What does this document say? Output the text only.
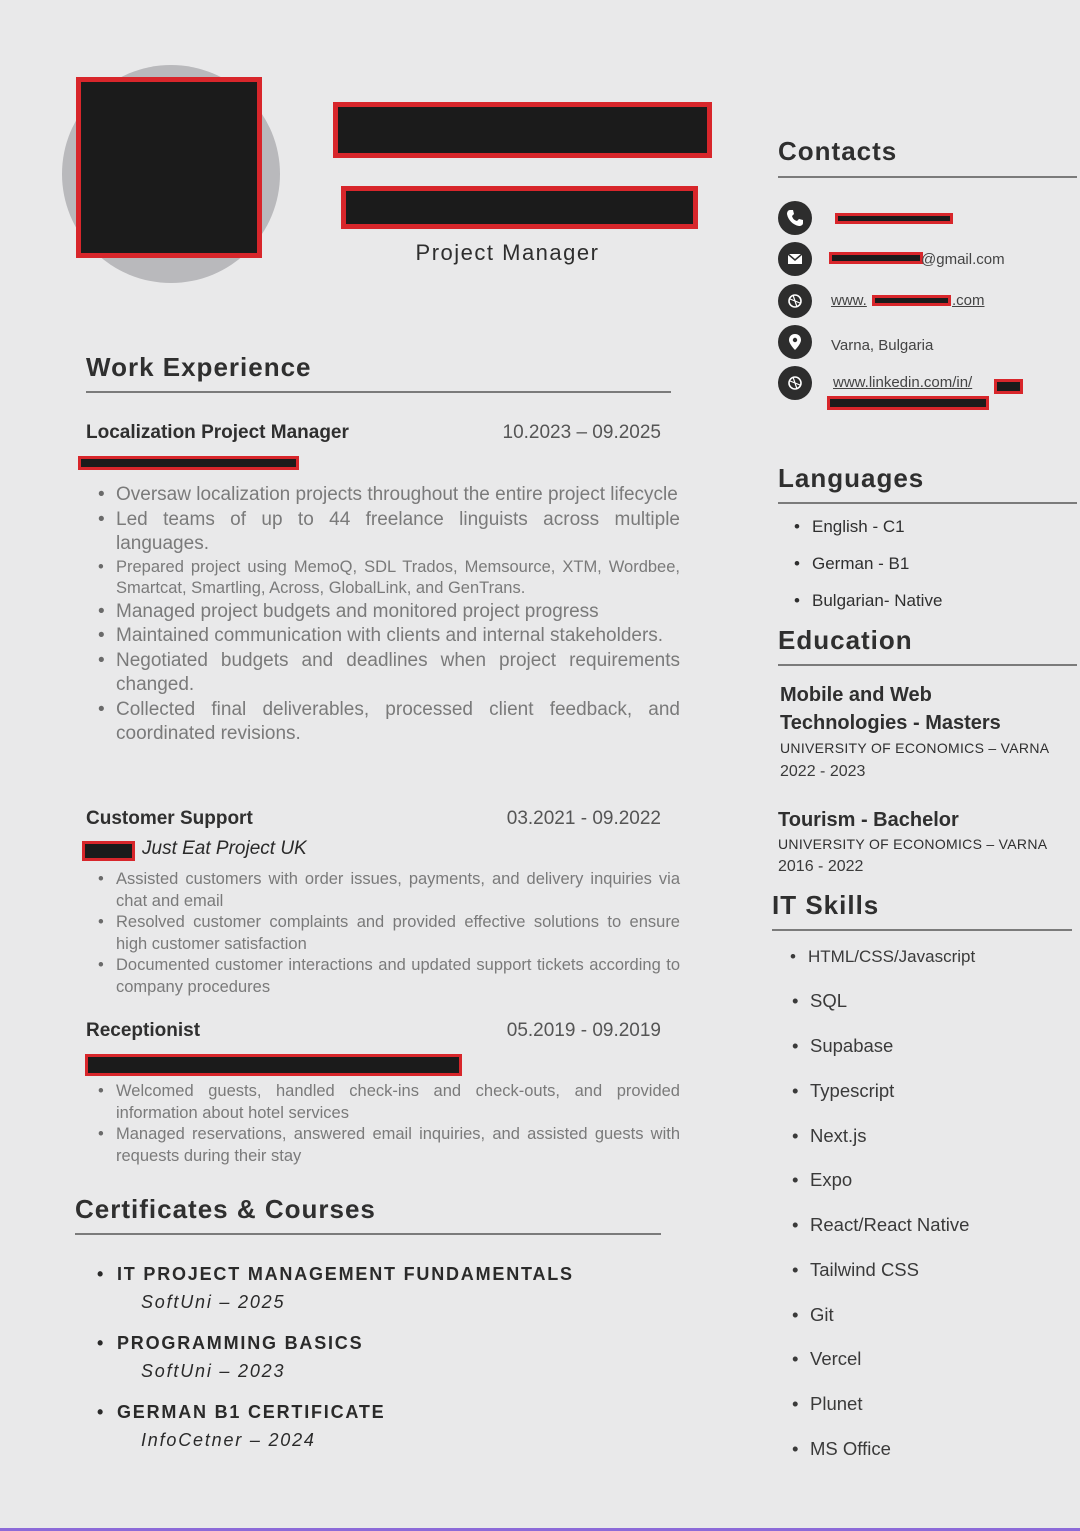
Project Manager
Work Experience
Localization Project Manager	10.2023 – 09.2025
• Oversaw localization projects throughout the entire project lifecycle
• Led teams of up to 44 freelance linguists across multiple languages.
• Prepared project using MemoQ, SDL Trados, Memsource, XTM, Wordbee, Smartcat, Smartling, Across, GlobalLink, and GenTrans.
• Managed project budgets and monitored project progress
• Maintained communication with clients and internal stakeholders.
• Negotiated budgets and deadlines when project requirements changed.
• Collected final deliverables, processed client feedback, and coordinated revisions.
Customer Support	03.2021 - 09.2022
Just Eat Project UK
• Assisted customers with order issues, payments, and delivery inquiries via chat and email
• Resolved customer complaints and provided effective solutions to ensure high customer satisfaction
• Documented customer interactions and updated support tickets according to company procedures
Receptionist	05.2019 - 09.2019
• Welcomed guests, handled check-ins and check-outs, and provided information about hotel services
• Managed reservations, answered email inquiries, and assisted guests with requests during their stay
Certificates & Courses
• IT PROJECT MANAGEMENT FUNDAMENTALS
SoftUni – 2025
• PROGRAMMING BASICS
SoftUni – 2023
• GERMAN B1 CERTIFICATE
InfoCetner – 2024
Contacts
@gmail.com
www.	.com
Varna, Bulgaria
www.linkedin.com/in/
Languages
• English - C1
• German - B1
• Bulgarian- Native
Education
Mobile and Web Technologies - Masters
UNIVERSITY OF ECONOMICS – VARNA
2022 - 2023
Tourism - Bachelor
UNIVERSITY OF ECONOMICS – VARNA
2016 - 2022
IT Skills
• HTML/CSS/Javascript
• SQL
• Supabase
• Typescript
• Next.js
• Expo
• React/React Native
• Tailwind CSS
• Git
• Vercel
• Plunet
• MS Office
